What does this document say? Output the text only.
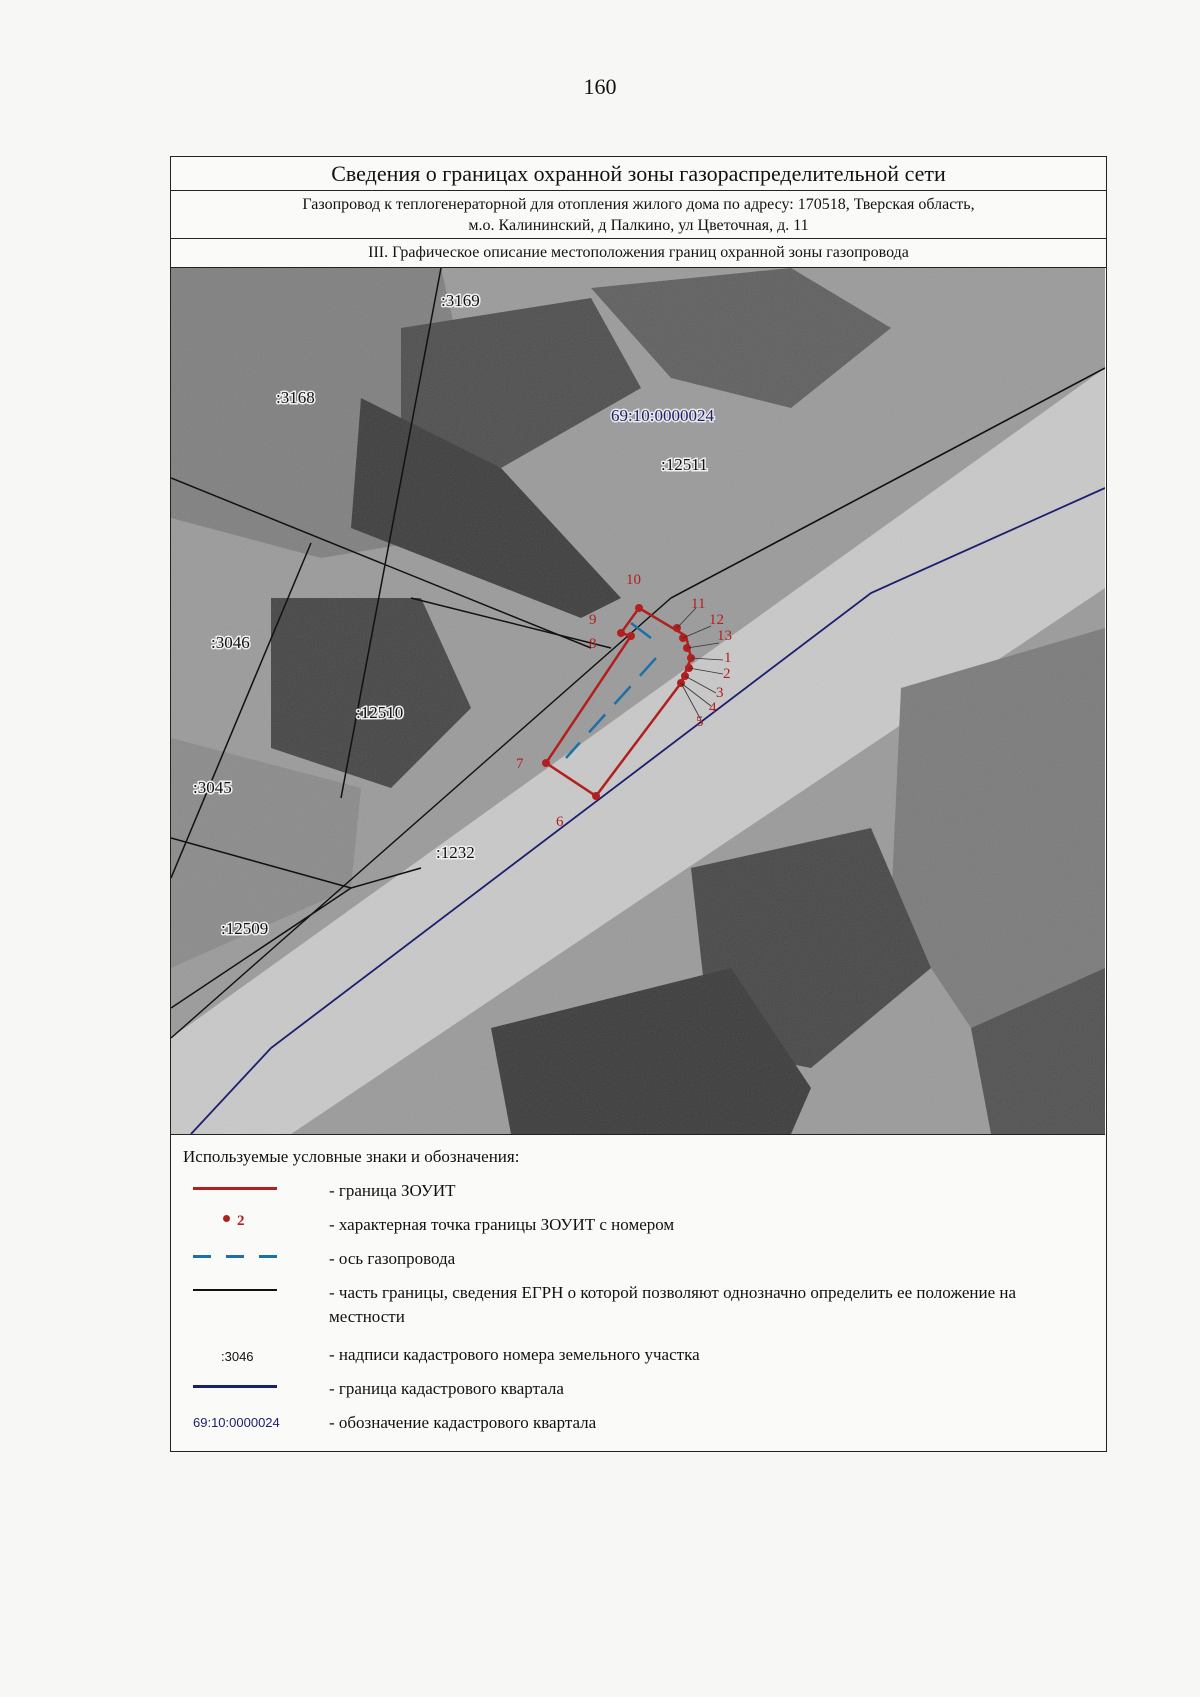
160
Сведения о границах охранной зоны газораспределительной сети
Газопровод к теплогенераторной для отопления жилого дома по адресу: 170518, Тверская область,
м.о. Калининский, д Палкино, ул Цветочная, д. 11
III. Графическое описание местоположения границ охранной зоны газопровода
10
11
12
13
1
2
3
4
5
6
7
8
9
:3169
:3168
:12511
:3046
:12510
:3045
:1232
:12509
69:10:0000024
Используемые условные знаки и обозначения:
- граница ЗОУИТ
2	- характерная точка границы ЗОУИТ с номером
- ось газопровода
- часть границы, сведения ЕГРН о которой позволяют однозначно определить ее положение на местности
:3046	- надписи кадастрового номера земельного участка
- граница кадастрового квартала
69:10:0000024	- обозначение кадастрового квартала
